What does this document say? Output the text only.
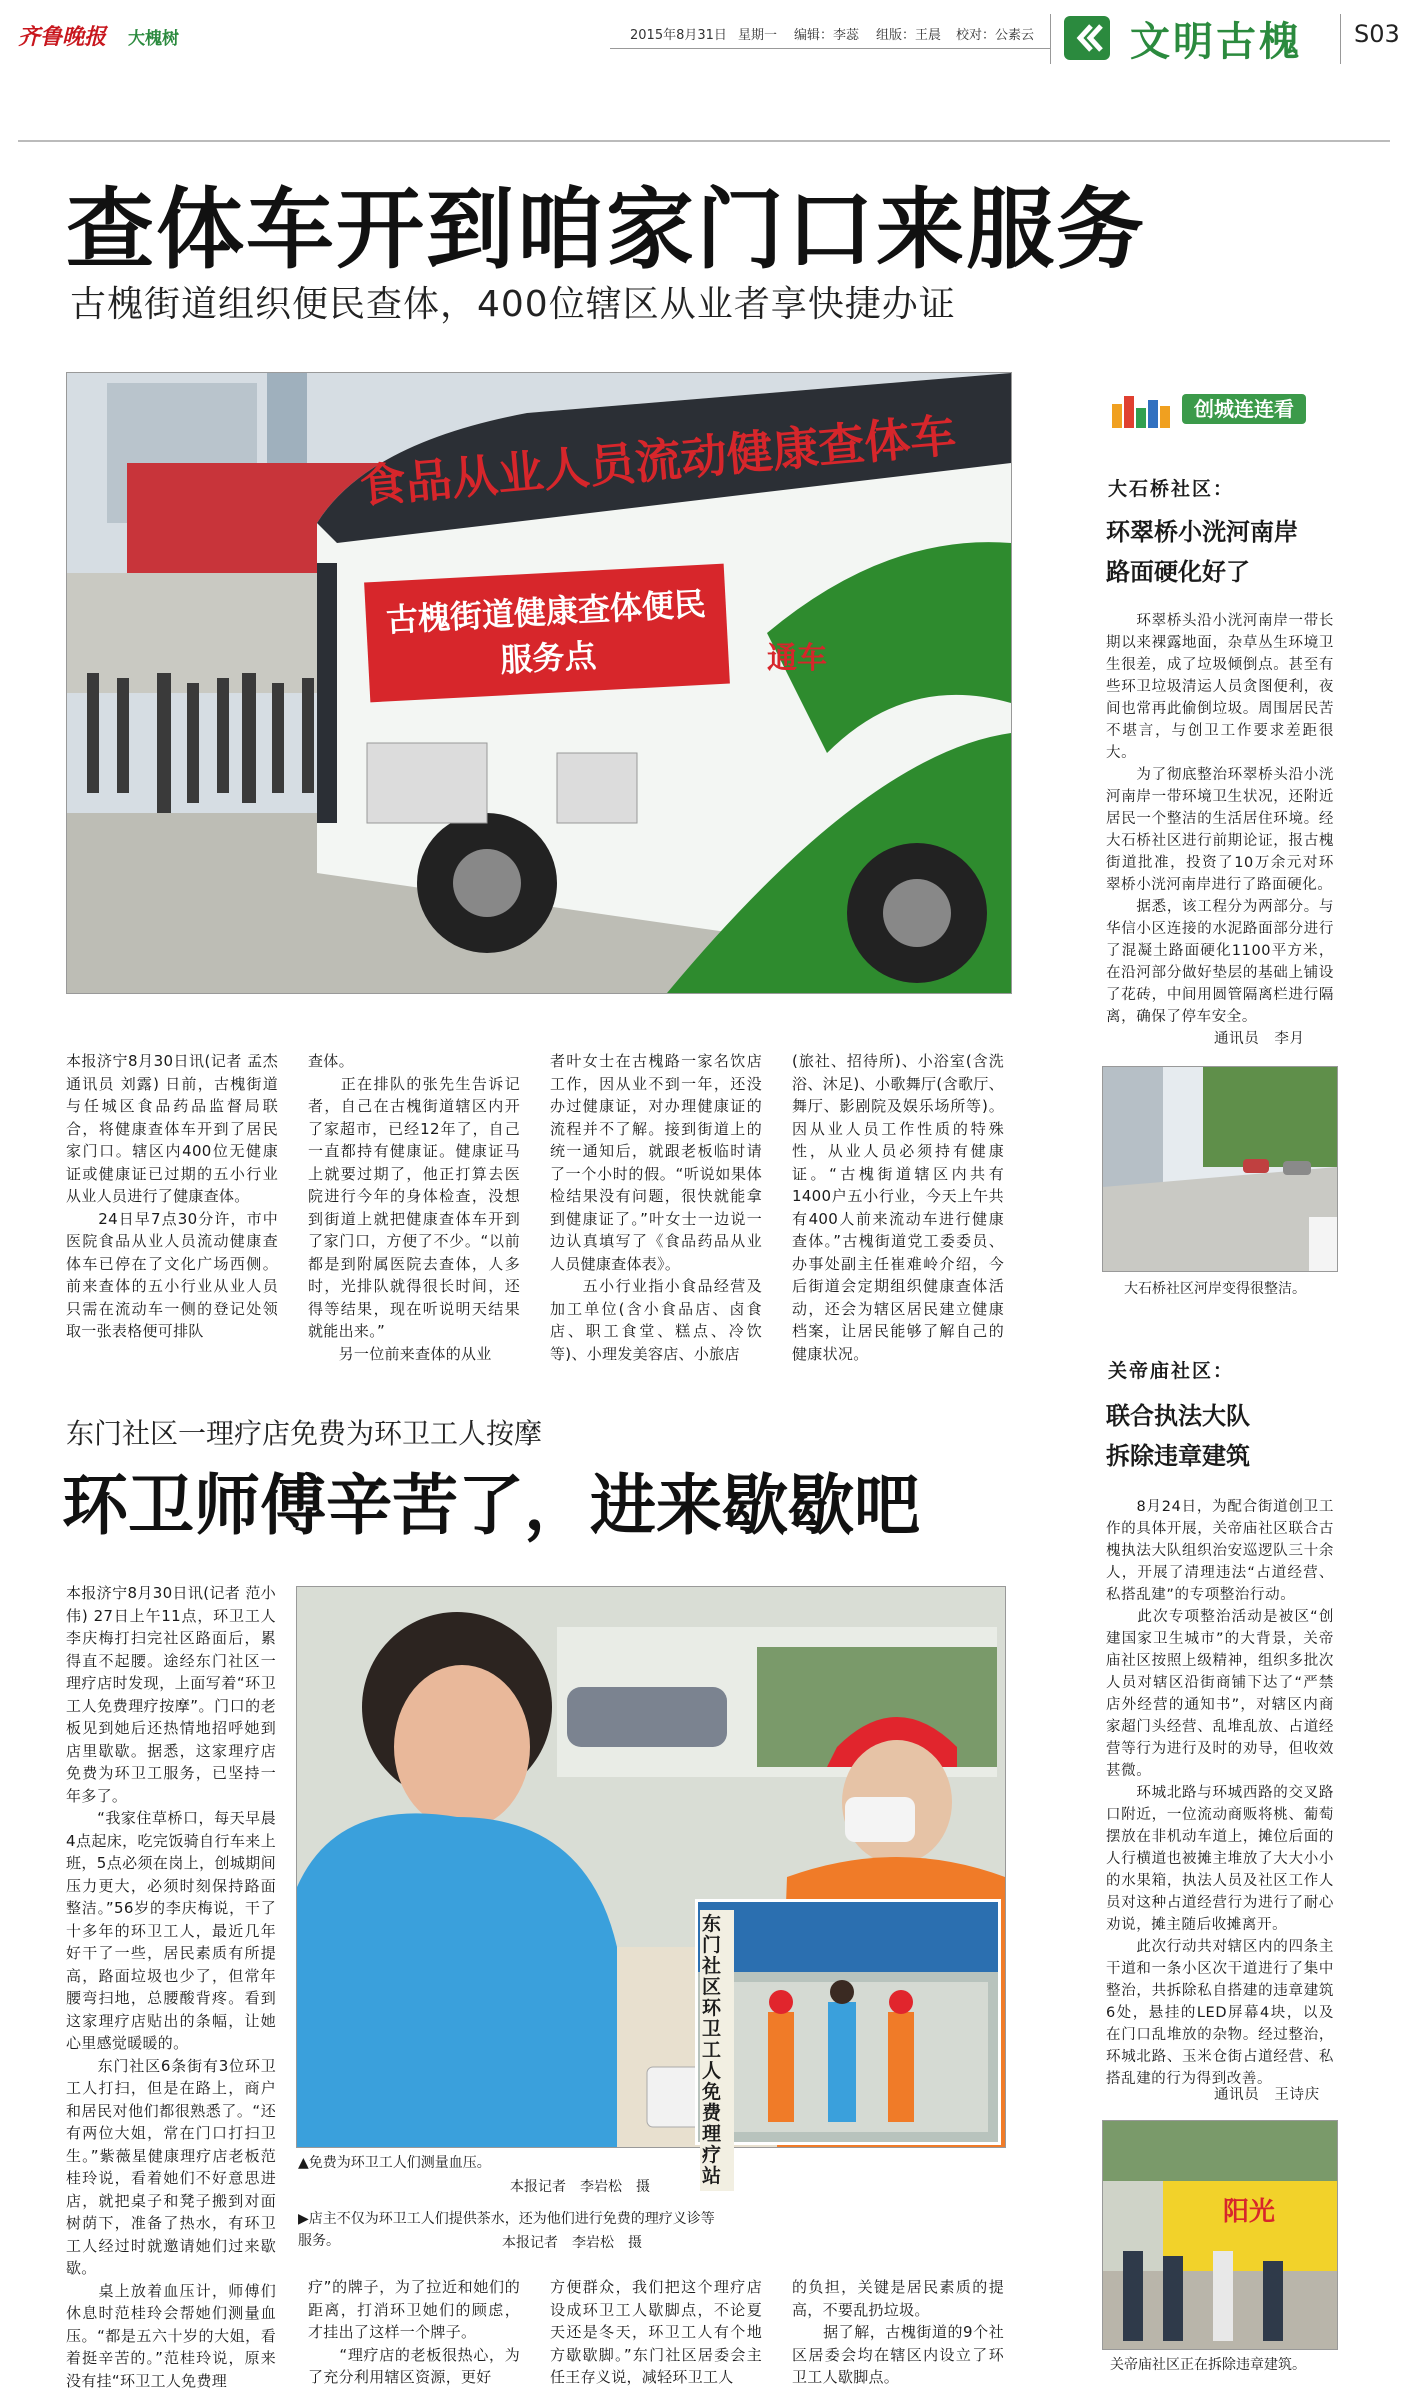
齐鲁晚报 大槐树	2015年8月31日 星期一 编辑：李蕊 组版：王晨 校对：公素云 文明古槐 S03
查体车开到咱家门口来服务
古槐街道组织便民查体，400位辖区从业者享快捷办证
食品从业人员流动健康查体车
古槐街道健康查体便民服务点	通车
本报济宁8月30日讯(记者 孟杰 通讯员 刘露) 日前，古槐街道与任城区食品药品监督局联合，将健康查体车开到了居民家门口。辖区内400位无健康证或健康证已过期的五小行业从业人员进行了健康查体。
　　24日早7点30分许，市中医院食品从业人员流动健康查体车已停在了文化广场西侧。前来查体的五小行业从业人员只需在流动车一侧的登记处领取一张表格便可排队
查体。
　　正在排队的张先生告诉记者，自己在古槐街道辖区内开了家超市，已经12年了，自己一直都持有健康证。健康证马上就要过期了，他正打算去医院进行今年的身体检查，没想到街道上就把健康查体车开到了家门口，方便了不少。“以前都是到附属医院去查体，人多时，光排队就得很长时间，还得等结果，现在听说明天结果就能出来。”
　　另一位前来查体的从业
者叶女士在古槐路一家名饮店工作，因从业不到一年，还没办过健康证，对办理健康证的流程并不了解。接到街道上的统一通知后，就跟老板临时请了一个小时的假。“听说如果体检结果没有问题，很快就能拿到健康证了。”叶女士一边说一边认真填写了《食品药品从业人员健康查体表》。
　　五小行业指小食品经营及加工单位(含小食品店、卤食店、职工食堂、糕点、冷饮等)、小理发美容店、小旅店
(旅社、招待所)、小浴室(含洗浴、沐足)、小歌舞厅(含歌厅、舞厅、影剧院及娱乐场所等)。因从业人员工作性质的特殊性，从业人员必须持有健康证。“古槐街道辖区内共有1400户五小行业，今天上午共有400人前来流动车进行健康查体。”古槐街道党工委委员、办事处副主任崔难岭介绍，今后街道会定期组织健康查体活动，还会为辖区居民建立健康档案，让居民能够了解自己的健康状况。
东门社区一理疗店免费为环卫工人按摩
环卫师傅辛苦了，进来歇歇吧
本报济宁8月30日讯(记者 范小伟) 27日上午11点，环卫工人李庆梅打扫完社区路面后，累得直不起腰。途经东门社区一理疗店时发现，上面写着“环卫工人免费理疗按摩”。门口的老板见到她后还热情地招呼她到店里歇歇。据悉，这家理疗店免费为环卫工服务，已坚持一年多了。
　　“我家住草桥口，每天早晨4点起床，吃完饭骑自行车来上班，5点必须在岗上，创城期间压力更大，必须时刻保持路面整洁。”56岁的李庆梅说，干了十多年的环卫工人，最近几年好干了一些，居民素质有所提高，路面垃圾也少了，但常年腰弯扫地，总腰酸背疼。看到这家理疗店贴出的条幅，让她心里感觉暖暖的。
　　东门社区6条街有3位环卫工人打扫，但是在路上，商户和居民对他们都很熟悉了。“还有两位大姐，常在门口打扫卫生。”紫薇星健康理疗店老板范桂玲说，看着她们不好意思进店，就把桌子和凳子搬到对面树荫下，准备了热水，有环卫工人经过时就邀请她们过来歇歇。
　　桌上放着血压计，师傅们休息时范桂玲会帮她们测量血压。“都是五六十岁的大姐，看着挺辛苦的。”范桂玲说，原来没有挂“环卫工人免费理
东门社区环卫工人免费理疗站
▲免费为环卫工人们测量血压。
本报记者　李岩松　摄
▶店主不仅为环卫工人们提供茶水，还为他们进行免费的理疗义诊等服务。	本报记者　李岩松　摄
疗”的牌子，为了拉近和她们的距离，打消环卫她们的顾虑，才挂出了这样一个牌子。
　　“理疗店的老板很热心，为了充分利用辖区资源，更好
方便群众，我们把这个理疗店设成环卫工人歇脚点，不论夏天还是冬天，环卫工人有个地方歇歇脚。”东门社区居委会主任王存义说，减轻环卫工人
的负担，关键是居民素质的提高，不要乱扔垃圾。
　　据了解，古槐街道的9个社区居委会均在辖区内设立了环卫工人歇脚点。
创城连连看
大石桥社区：
环翠桥小洸河南岸
路面硬化好了
　　环翠桥头沿小洸河南岸一带长期以来裸露地面，杂草丛生环境卫生很差，成了垃圾倾倒点。甚至有些环卫垃圾清运人员贪图便利，夜间也常再此偷倒垃圾。周围居民苦不堪言，与创卫工作要求差距很大。
　　为了彻底整治环翠桥头沿小洸河南岸一带环境卫生状况，还附近居民一个整洁的生活居住环境。经大石桥社区进行前期论证，报古槐街道批准，投资了10万余元对环翠桥小洸河南岸进行了路面硬化。
　　据悉，该工程分为两部分。与华信小区连接的水泥路面部分进行了混凝土路面硬化1100平方米，在沿河部分做好垫层的基础上铺设了花砖，中间用圆管隔离栏进行隔离，确保了停车安全。
通讯员　李月
大石桥社区河岸变得很整洁。
关帝庙社区：
联合执法大队
拆除违章建筑
　　8月24日，为配合街道创卫工作的具体开展，关帝庙社区联合古槐执法大队组织治安巡逻队三十余人，开展了清理违法“占道经营、私搭乱建”的专项整治行动。
　　此次专项整治活动是被区“创建国家卫生城市”的大背景，关帝庙社区按照上级精神，组织多批次人员对辖区沿街商铺下达了“严禁店外经营的通知书”，对辖区内商家超门头经营、乱堆乱放、占道经营等行为进行及时的劝导，但收效甚微。
　　环城北路与环城西路的交叉路口附近，一位流动商贩将桃、葡萄摆放在非机动车道上，摊位后面的人行横道也被摊主堆放了大大小小的水果箱，执法人员及社区工作人员对这种占道经营行为进行了耐心劝说，摊主随后收摊离开。
　　此次行动共对辖区内的四条主干道和一条小区次干道进行了集中整治，共拆除私自搭建的违章建筑6处，悬挂的LED屏幕4块，以及在门口乱堆放的杂物。经过整治，环城北路、玉米仓街占道经营、私搭乱建的行为得到改善。
通讯员　王诗庆
阳光
关帝庙社区正在拆除违章建筑。
